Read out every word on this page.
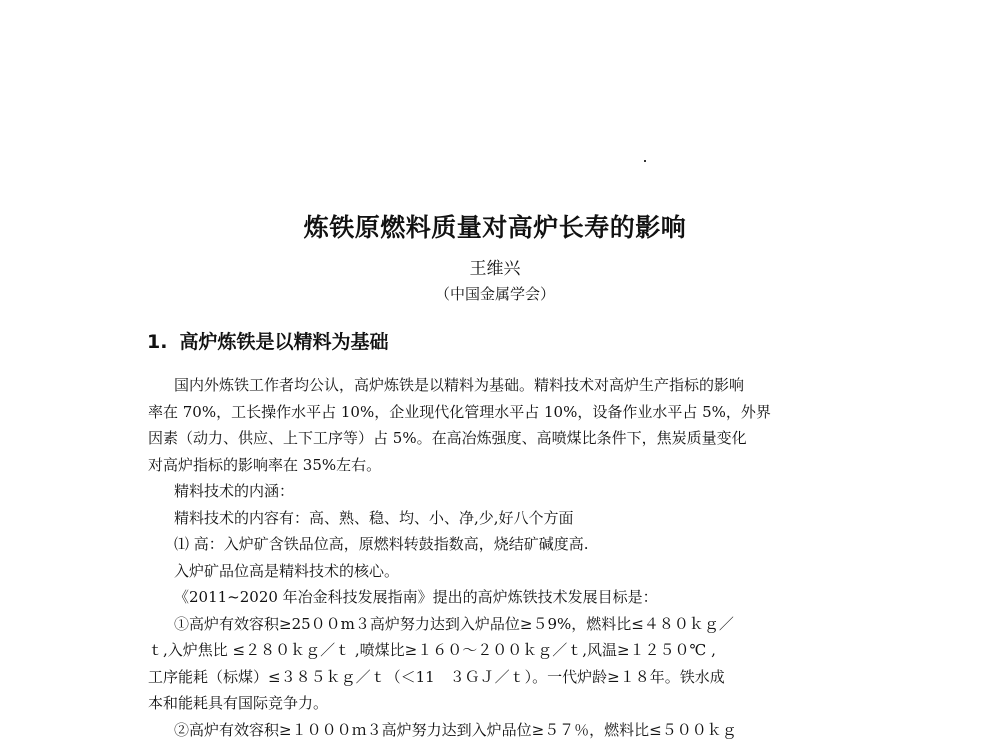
炼铁原燃料质量对高炉长寿的影响
王维兴
（中国金属学会）
1. 高炉炼铁是以精料为基础

国内外炼铁工作者均公认，高炉炼铁是以精料为基础。精料技术对高炉生产指标的影响

率在 70%，工长操作水平占 10%，企业现代化管理水平占 10%，设备作业水平占 5%，外界

因素（动力、供应、上下工序等）占 5%。在高冶炼强度、高喷煤比条件下，焦炭质量变化

对高炉指标的影响率在 35%左右。

精料技术的内涵：

精料技术的内容有：高、熟、稳、均、小、净,少,好八个方面

⑴ 高：入炉矿含铁品位高，原燃料转鼓指数高，烧结矿碱度高.

入炉矿品位高是精料技术的核心。

《2011~2020 年冶金科技发展指南》提出的高炉炼铁技术发展目标是：

①高炉有效容积≥25００m３高炉努力达到入炉品位≥５9%，燃料比≤４８０ｋｇ／

ｔ,入炉焦比 ≤２８０ｋｇ／ｔ ,喷煤比≥１６０～２００ｋｇ／ｔ,风温≥１２５０℃ ,

工序能耗（标煤）≤３８５ｋｇ／ｔ（＜11　３ＧＪ／ｔ）。一代炉龄≥１８年。铁水成

本和能耗具有国际竞争力。

②高炉有效容积≥１０００ｍ３高炉努力达到入炉品位≥５７％，燃料比≤５００ｋｇ
